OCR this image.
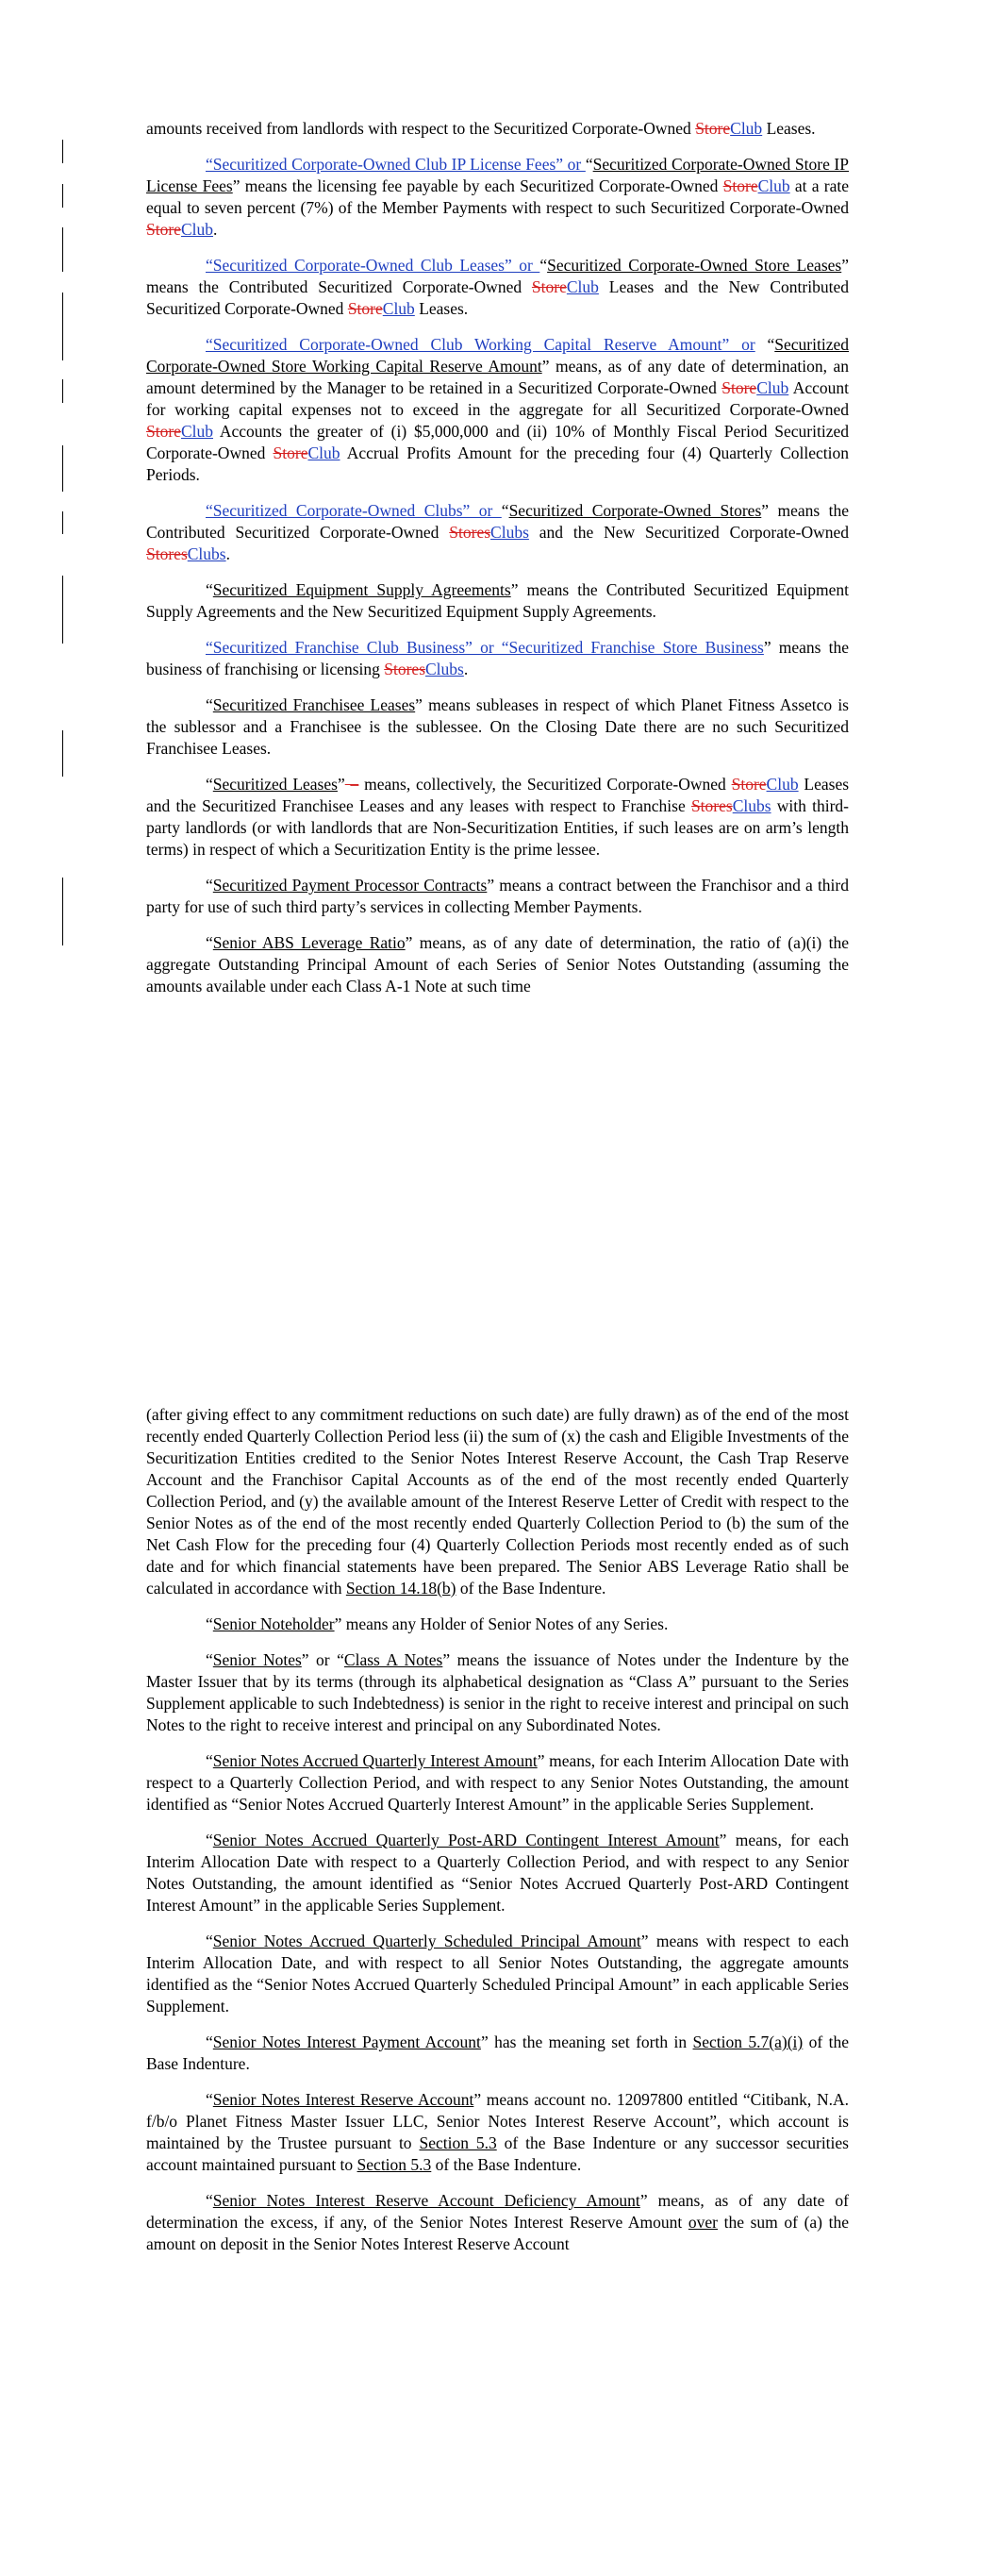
amounts received from landlords with respect to the Securitized Corporate-Owned StoreClub Leases.

“Securitized Corporate-Owned Club IP License Fees” or “Securitized Corporate-Owned Store IP License Fees” means the licensing fee payable by each Securitized Corporate-Owned StoreClub at a rate equal to seven percent (7%) of the Member Payments with respect to such Securitized Corporate-Owned StoreClub.

“Securitized Corporate-Owned Club Leases” or “Securitized Corporate-Owned Store Leases” means the Contributed Securitized Corporate-Owned StoreClub Leases and the New Contributed Securitized Corporate-Owned StoreClub Leases.

“Securitized Corporate-Owned Club Working Capital Reserve Amount” or “Securitized Corporate-Owned Store Working Capital Reserve Amount” means, as of any date of determination, an amount determined by the Manager to be retained in a Securitized Corporate-Owned StoreClub Account for working capital expenses not to exceed in the aggregate for all Securitized Corporate-Owned StoreClub Accounts the greater of (i) $5,000,000 and (ii) 10% of Monthly Fiscal Period Securitized Corporate-Owned StoreClub Accrual Profits Amount for the preceding four (4) Quarterly Collection Periods.

“Securitized Corporate-Owned Clubs” or “Securitized Corporate-Owned Stores” means the Contributed Securitized Corporate-Owned StoresClubs and the New Securitized Corporate-Owned StoresClubs.

“Securitized Equipment Supply Agreements” means the Contributed Securitized Equipment Supply Agreements and the New Securitized Equipment Supply Agreements.

“Securitized Franchise Club Business” or “Securitized Franchise Store Business” means the business of franchising or licensing StoresClubs.

“Securitized Franchisee Leases” means subleases in respect of which Planet Fitness Assetco is the sublessor and a Franchisee is the sublessee. On the Closing Date there are no such Securitized Franchisee Leases.

“Securitized Leases” – means, collectively, the Securitized Corporate-Owned StoreClub Leases and the Securitized Franchisee Leases and any leases with respect to Franchise StoresClubs with third-party landlords (or with landlords that are Non-Securitization Entities, if such leases are on arm’s length terms) in respect of which a Securitization Entity is the prime lessee.

“Securitized Payment Processor Contracts” means a contract between the Franchisor and a third party for use of such third party’s services in collecting Member Payments.

“Senior ABS Leverage Ratio” means, as of any date of determination, the ratio of (a)(i) the aggregate Outstanding Principal Amount of each Series of Senior Notes Outstanding (assuming the amounts available under each Class A-1 Note at such time

(after giving effect to any commitment reductions on such date) are fully drawn) as of the end of the most recently ended Quarterly Collection Period less (ii) the sum of (x) the cash and Eligible Investments of the Securitization Entities credited to the Senior Notes Interest Reserve Account, the Cash Trap Reserve Account and the Franchisor Capital Accounts as of the end of the most recently ended Quarterly Collection Period, and (y) the available amount of the Interest Reserve Letter of Credit with respect to the Senior Notes as of the end of the most recently ended Quarterly Collection Period to (b) the sum of the Net Cash Flow for the preceding four (4) Quarterly Collection Periods most recently ended as of such date and for which financial statements have been prepared. The Senior ABS Leverage Ratio shall be calculated in accordance with Section 14.18(b) of the Base Indenture.

“Senior Noteholder” means any Holder of Senior Notes of any Series.

“Senior Notes” or “Class A Notes” means the issuance of Notes under the Indenture by the Master Issuer that by its terms (through its alphabetical designation as “Class A” pursuant to the Series Supplement applicable to such Indebtedness) is senior in the right to receive interest and principal on such Notes to the right to receive interest and principal on any Subordinated Notes.

“Senior Notes Accrued Quarterly Interest Amount” means, for each Interim Allocation Date with respect to a Quarterly Collection Period, and with respect to any Senior Notes Outstanding, the amount identified as “Senior Notes Accrued Quarterly Interest Amount” in the applicable Series Supplement.

“Senior Notes Accrued Quarterly Post-ARD Contingent Interest Amount” means, for each Interim Allocation Date with respect to a Quarterly Collection Period, and with respect to any Senior Notes Outstanding, the amount identified as “Senior Notes Accrued Quarterly Post-ARD Contingent Interest Amount” in the applicable Series Supplement.

“Senior Notes Accrued Quarterly Scheduled Principal Amount” means with respect to each Interim Allocation Date, and with respect to all Senior Notes Outstanding, the aggregate amounts identified as the “Senior Notes Accrued Quarterly Scheduled Principal Amount” in each applicable Series Supplement.

“Senior Notes Interest Payment Account” has the meaning set forth in Section 5.7(a)(i) of the Base Indenture.

“Senior Notes Interest Reserve Account” means account no. 12097800 entitled “Citibank, N.A. f/b/o Planet Fitness Master Issuer LLC, Senior Notes Interest Reserve Account”, which account is maintained by the Trustee pursuant to Section 5.3 of the Base Indenture or any successor securities account maintained pursuant to Section 5.3 of the Base Indenture.

“Senior Notes Interest Reserve Account Deficiency Amount” means, as of any date of determination the excess, if any, of the Senior Notes Interest Reserve Amount over the sum of (a) the amount on deposit in the Senior Notes Interest Reserve Account
